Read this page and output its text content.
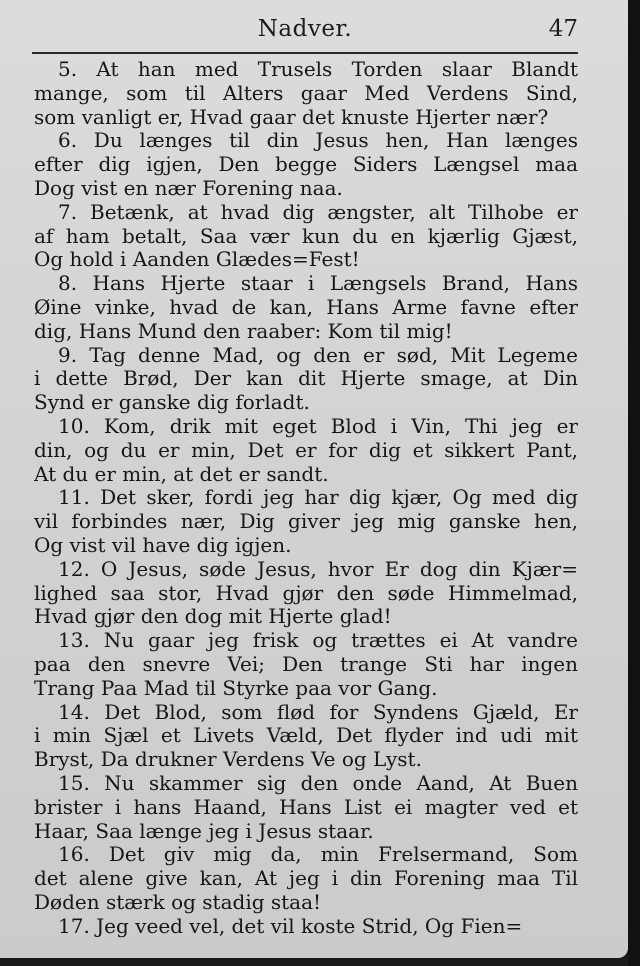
Nadver.	47
5. At han med Trusels Torden slaar Blandt
mange, som til Alters gaar Med Verdens Sind,
som vanligt er, Hvad gaar det knuste Hjerter nær?
6. Du længes til din Jesus hen, Han længes
efter dig igjen, Den begge Siders Længsel maa
Dog vist en nær Forening naa.
7. Betænk, at hvad dig ængster, alt Tilhobe er
af ham betalt, Saa vær kun du en kjærlig Gjæst,
Og hold i Aanden Glædes=Fest!
8. Hans Hjerte staar i Længsels Brand, Hans
Øine vinke, hvad de kan, Hans Arme favne efter
dig, Hans Mund den raaber: Kom til mig!
9. Tag denne Mad, og den er sød, Mit Legeme
i dette Brød, Der kan dit Hjerte smage, at Din
Synd er ganske dig forladt.
10. Kom, drik mit eget Blod i Vin, Thi jeg er
din, og du er min, Det er for dig et sikkert Pant,
At du er min, at det er sandt.
11. Det sker, fordi jeg har dig kjær, Og med dig
vil forbindes nær, Dig giver jeg mig ganske hen,
Og vist vil have dig igjen.
12. O Jesus, søde Jesus, hvor Er dog din Kjær=
lighed saa stor, Hvad gjør den søde Himmelmad,
Hvad gjør den dog mit Hjerte glad!
13. Nu gaar jeg frisk og trættes ei At vandre
paa den snevre Vei; Den trange Sti har ingen
Trang Paa Mad til Styrke paa vor Gang.
14. Det Blod, som flød for Syndens Gjæld, Er
i min Sjæl et Livets Væld, Det flyder ind udi mit
Bryst, Da drukner Verdens Ve og Lyst.
15. Nu skammer sig den onde Aand, At Buen
brister i hans Haand, Hans List ei magter ved et
Haar, Saa længe jeg i Jesus staar.
16. Det giv mig da, min Frelsermand, Som
det alene give kan, At jeg i din Forening maa Til
Døden stærk og stadig staa!
17. Jeg veed vel, det vil koste Strid, Og Fien=
